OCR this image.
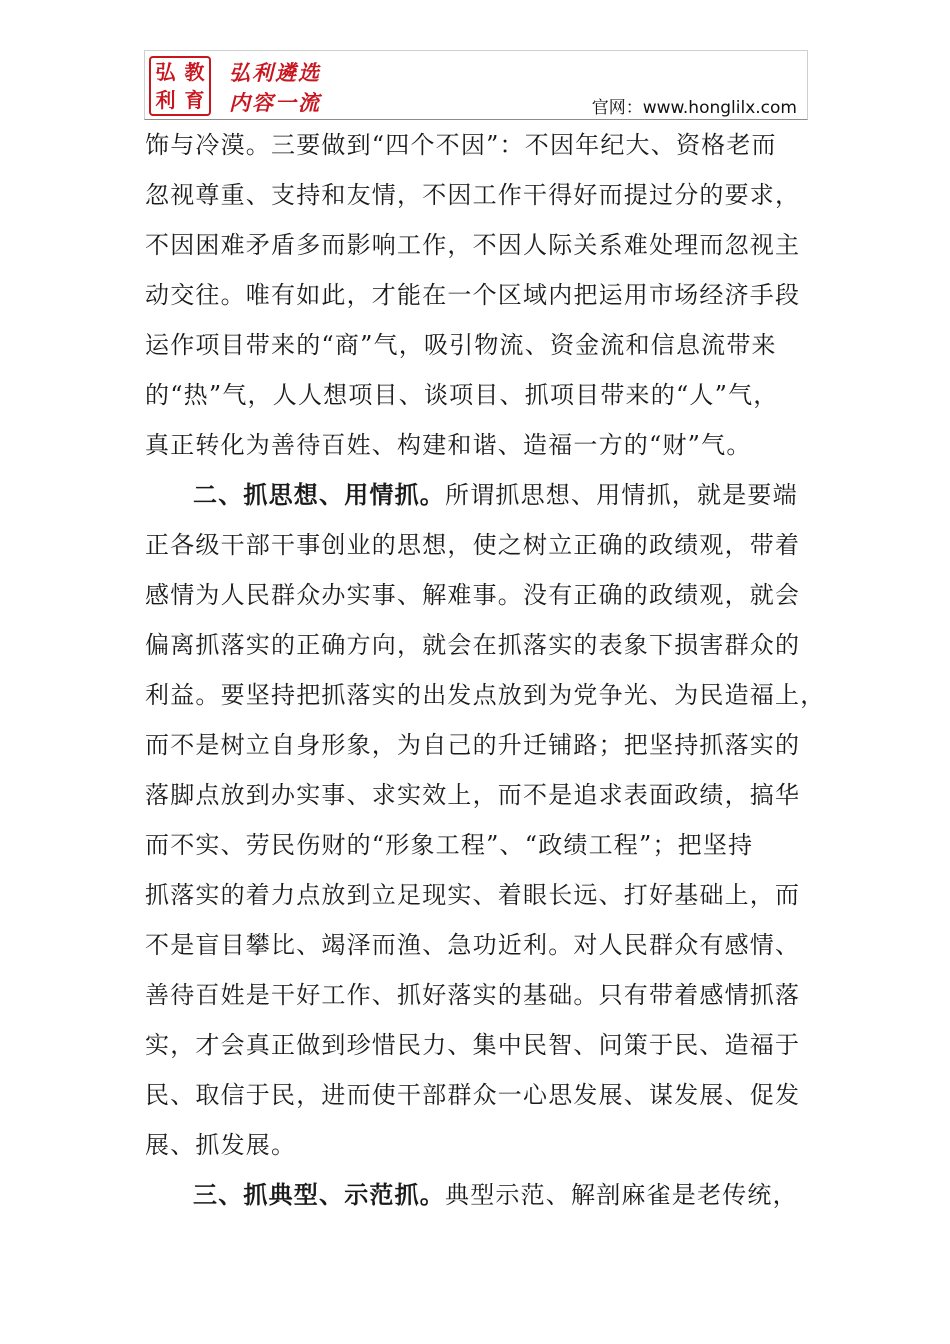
弘 教
利 育
弘利遴选
内容一流	官网：www.honglilx.com
饰与冷漠。三要做到“四个不因”：不因年纪大、资格老而
忽视尊重、支持和友情，不因工作干得好而提过分的要求，
不因困难矛盾多而影响工作，不因人际关系难处理而忽视主
动交往。唯有如此，才能在一个区域内把运用市场经济手段
运作项目带来的“商”气，吸引物流、资金流和信息流带来
的“热”气，人人想项目、谈项目、抓项目带来的“人”气，
真正转化为善待百姓、构建和谐、造福一方的“财”气。
二、抓思想、用情抓。所谓抓思想、用情抓，就是要端
正各级干部干事创业的思想，使之树立正确的政绩观，带着
感情为人民群众办实事、解难事。没有正确的政绩观，就会
偏离抓落实的正确方向，就会在抓落实的表象下损害群众的
利益。要坚持把抓落实的出发点放到为党争光、为民造福上，
而不是树立自身形象，为自己的升迁铺路；把坚持抓落实的
落脚点放到办实事、求实效上，而不是追求表面政绩，搞华
而不实、劳民伤财的“形象工程”、“政绩工程”；把坚持
抓落实的着力点放到立足现实、着眼长远、打好基础上，而
不是盲目攀比、竭泽而渔、急功近利。对人民群众有感情、
善待百姓是干好工作、抓好落实的基础。只有带着感情抓落
实，才会真正做到珍惜民力、集中民智、问策于民、造福于
民、取信于民，进而使干部群众一心思发展、谋发展、促发
展、抓发展。
三、抓典型、示范抓。典型示范、解剖麻雀是老传统，
